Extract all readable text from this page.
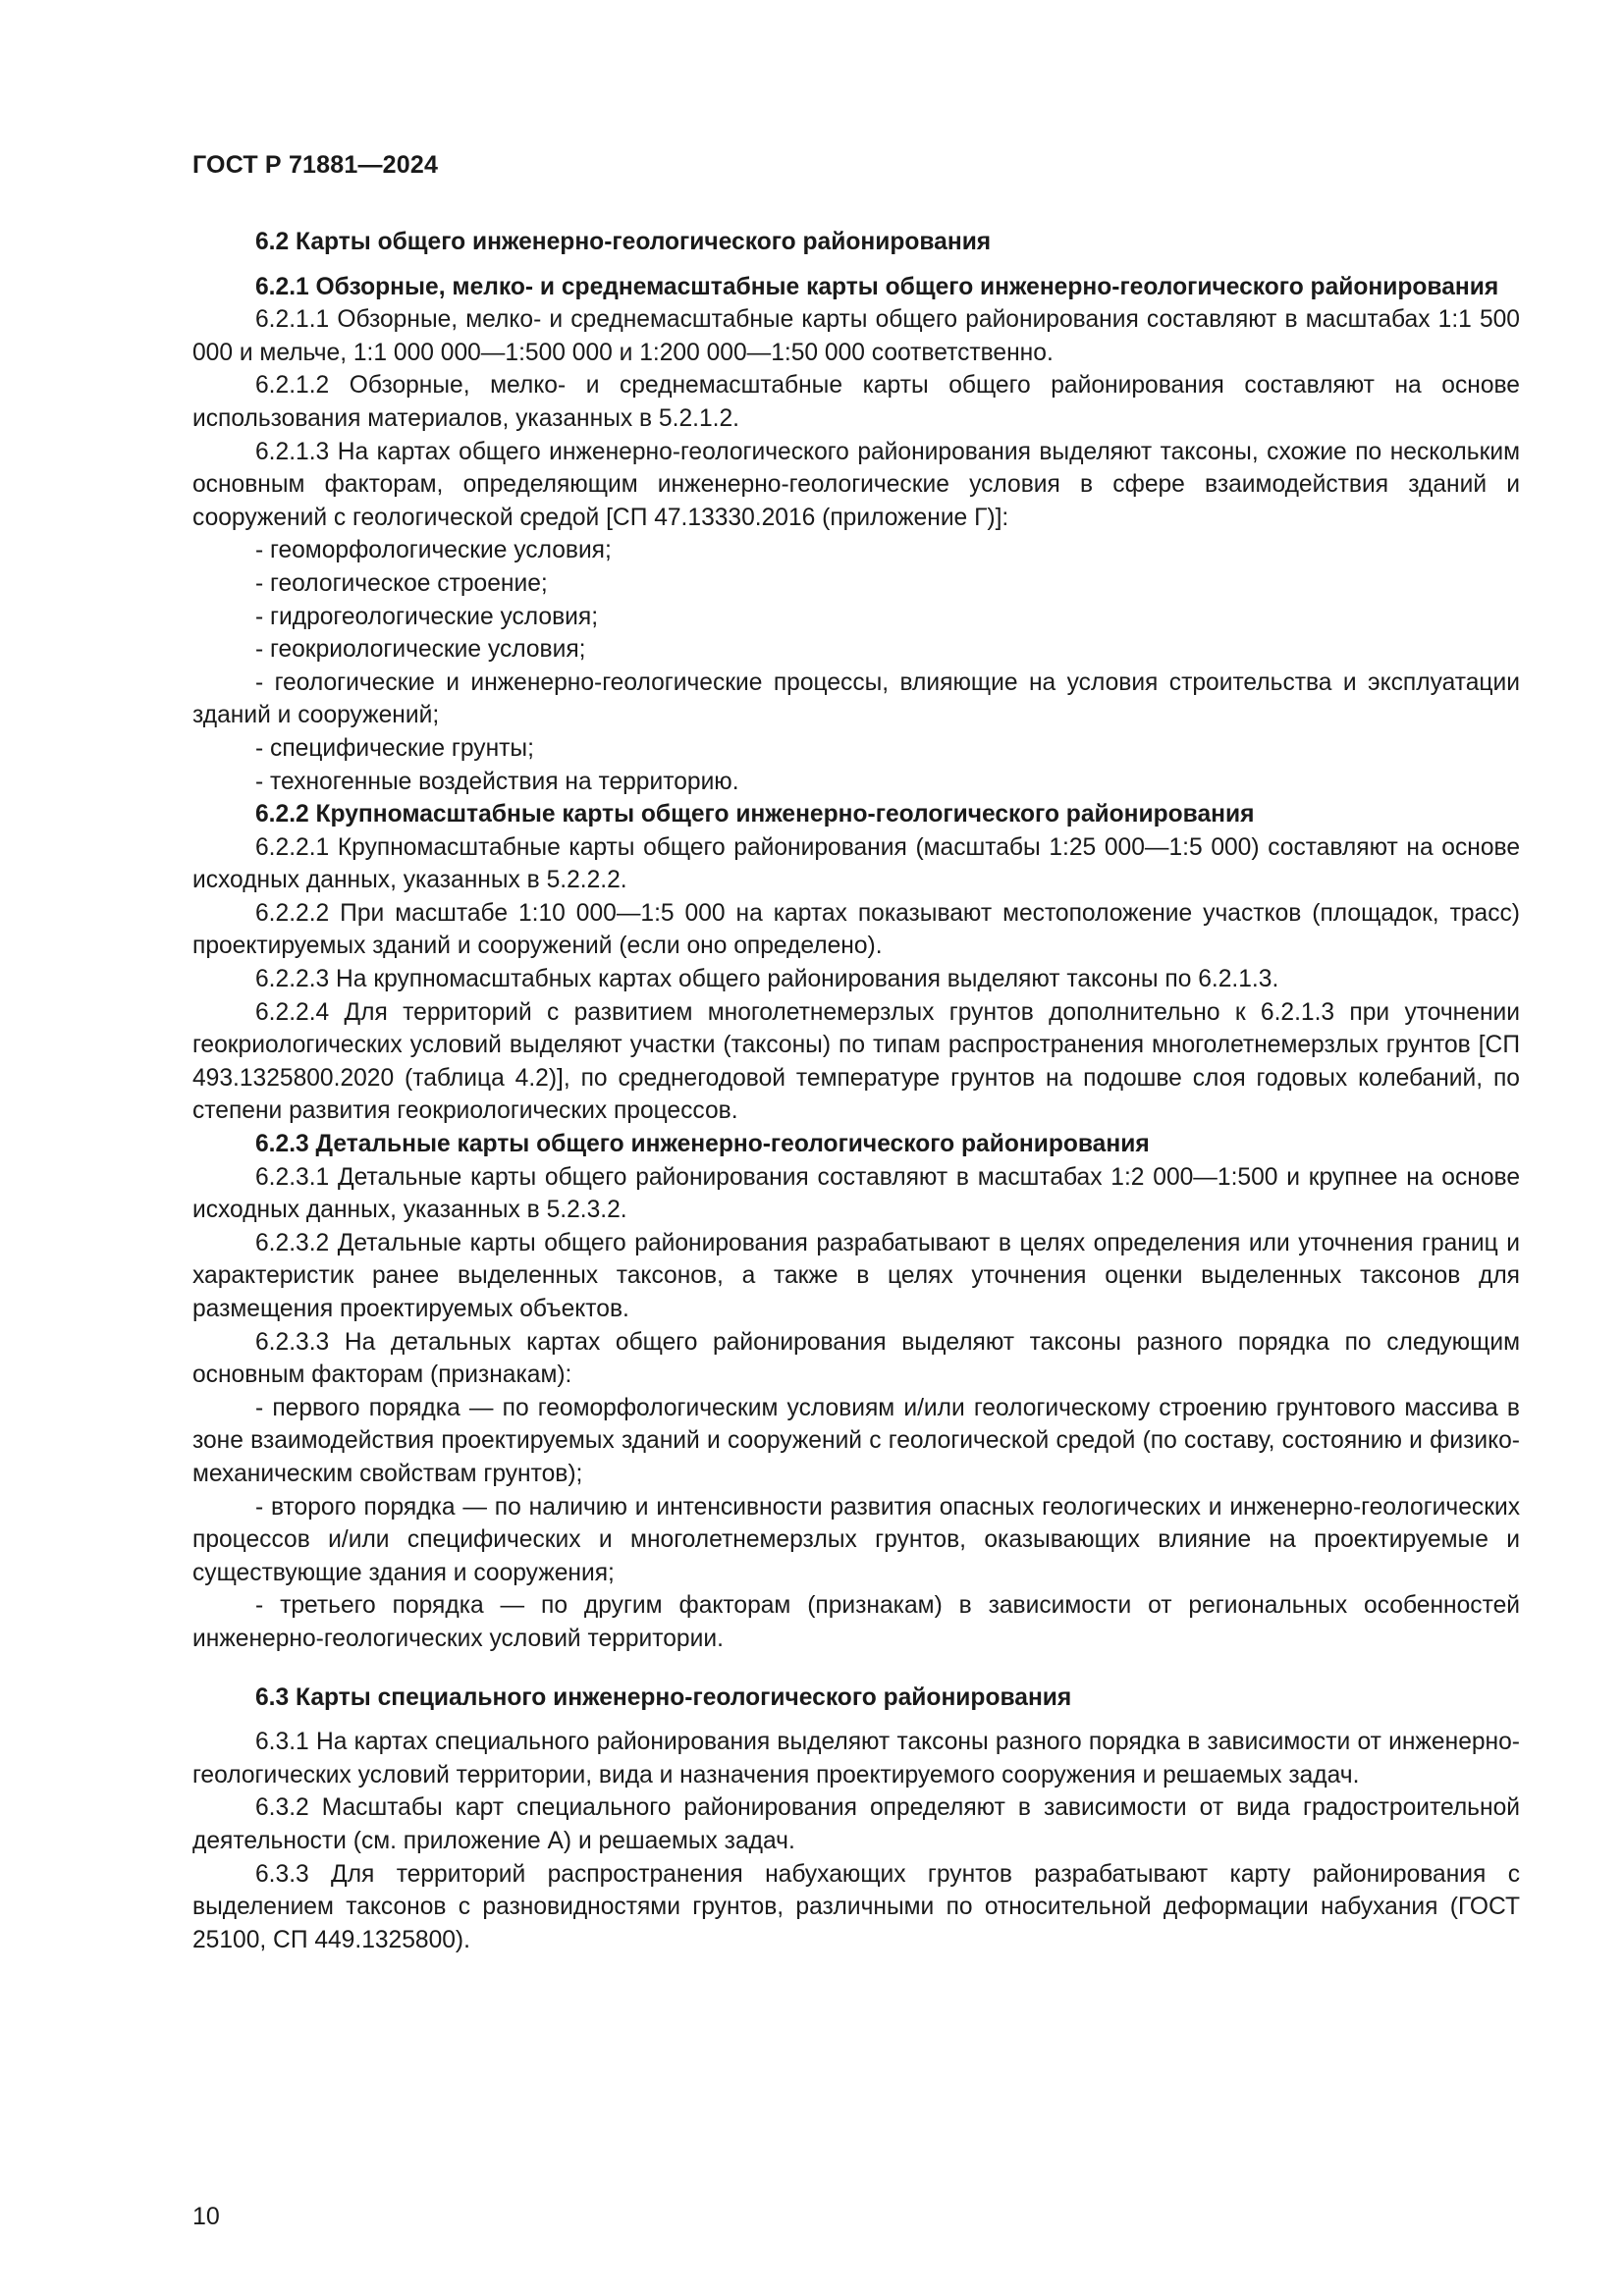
ГОСТ Р 71881—2024

6.2 Карты общего инженерно-геологического районирования

6.2.1 Обзорные, мелко- и среднемасштабные карты общего инженерно-геологического районирования

6.2.1.1 Обзорные, мелко- и среднемасштабные карты общего районирования составляют в масштабах 1:1 500 000 и мельче, 1:1 000 000—1:500 000 и 1:200 000—1:50 000 соответственно.

6.2.1.2 Обзорные, мелко- и среднемасштабные карты общего районирования составляют на основе использования материалов, указанных в 5.2.1.2.

6.2.1.3 На картах общего инженерно-геологического районирования выделяют таксоны, схожие по нескольким основным факторам, определяющим инженерно-геологические условия в сфере взаимодействия зданий и сооружений с геологической средой [СП 47.13330.2016 (приложение Г)]:

- геоморфологические условия;

- геологическое строение;

- гидрогеологические условия;

- геокриологические условия;

- геологические и инженерно-геологические процессы, влияющие на условия строительства и эксплуатации зданий и сооружений;

- специфические грунты;

- техногенные воздействия на территорию.

6.2.2 Крупномасштабные карты общего инженерно-геологического районирования

6.2.2.1 Крупномасштабные карты общего районирования (масштабы 1:25 000—1:5 000) составляют на основе исходных данных, указанных в 5.2.2.2.

6.2.2.2 При масштабе 1:10 000—1:5 000 на картах показывают местоположение участков (площадок, трасс) проектируемых зданий и сооружений (если оно определено).

6.2.2.3 На крупномасштабных картах общего районирования выделяют таксоны по 6.2.1.3.

6.2.2.4 Для территорий с развитием многолетнемерзлых грунтов дополнительно к 6.2.1.3 при уточнении геокриологических условий выделяют участки (таксоны) по типам распространения многолетнемерзлых грунтов [СП 493.1325800.2020 (таблица 4.2)], по среднегодовой температуре грунтов на подошве слоя годовых колебаний, по степени развития геокриологических процессов.

6.2.3 Детальные карты общего инженерно-геологического районирования

6.2.3.1 Детальные карты общего районирования составляют в масштабах 1:2 000—1:500 и крупнее на основе исходных данных, указанных в 5.2.3.2.

6.2.3.2 Детальные карты общего районирования разрабатывают в целях определения или уточнения границ и характеристик ранее выделенных таксонов, а также в целях уточнения оценки выделенных таксонов для размещения проектируемых объектов.

6.2.3.3 На детальных картах общего районирования выделяют таксоны разного порядка по следующим основным факторам (признакам):

- первого порядка — по геоморфологическим условиям и/или геологическому строению грунтового массива в зоне взаимодействия проектируемых зданий и сооружений с геологической средой (по составу, состоянию и физико-механическим свойствам грунтов);

- второго порядка — по наличию и интенсивности развития опасных геологических и инженерно-геологических процессов и/или специфических и многолетнемерзлых грунтов, оказывающих влияние на проектируемые и существующие здания и сооружения;

- третьего порядка — по другим факторам (признакам) в зависимости от региональных особенностей инженерно-геологических условий территории.

6.3 Карты специального инженерно-геологического районирования

6.3.1 На картах специального районирования выделяют таксоны разного порядка в зависимости от инженерно-геологических условий территории, вида и назначения проектируемого сооружения и решаемых задач.

6.3.2 Масштабы карт специального районирования определяют в зависимости от вида градостроительной деятельности (см. приложение А) и решаемых задач.

6.3.3 Для территорий распространения набухающих грунтов разрабатывают карту районирования с выделением таксонов с разновидностями грунтов, различными по относительной деформации набухания (ГОСТ 25100, СП 449.1325800).

10
